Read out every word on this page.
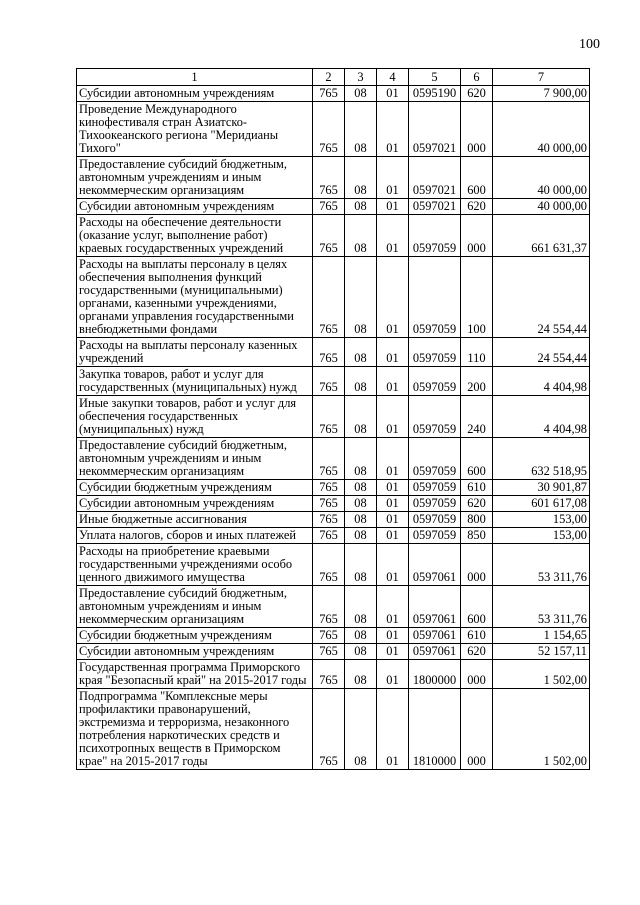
100
1	2	3	4	5	6	7
Субсидии автономным учреждениям	765	08	01	0595190	620	7 900,00
Проведение Международного кинофестиваля стран Азиатско-Тихоокеанского региона "Меридианы Тихого"	765	08	01	0597021	000	40 000,00
Предоставление субсидий бюджетным, автономным учреждениям и иным некоммерческим организациям	765	08	01	0597021	600	40 000,00
Субсидии автономным учреждениям	765	08	01	0597021	620	40 000,00
Расходы на обеспечение деятельности (оказание услуг, выполнение работ) краевых государственных учреждений	765	08	01	0597059	000	661 631,37
Расходы на выплаты персоналу в целях обеспечения выполнения функций государственными (муниципальными) органами, казенными учреждениями, органами управления государственными внебюджетными фондами	765	08	01	0597059	100	24 554,44
Расходы на выплаты персоналу казенных учреждений	765	08	01	0597059	110	24 554,44
Закупка товаров, работ и услуг для государственных (муниципальных) нужд	765	08	01	0597059	200	4 404,98
Иные закупки товаров, работ и услуг для обеспечения государственных (муниципальных) нужд	765	08	01	0597059	240	4 404,98
Предоставление субсидий бюджетным, автономным учреждениям и иным некоммерческим организациям	765	08	01	0597059	600	632 518,95
Субсидии бюджетным учреждениям	765	08	01	0597059	610	30 901,87
Субсидии автономным учреждениям	765	08	01	0597059	620	601 617,08
Иные бюджетные ассигнования	765	08	01	0597059	800	153,00
Уплата налогов, сборов и иных платежей	765	08	01	0597059	850	153,00
Расходы на приобретение краевыми государственными учреждениями особо ценного движимого имущества	765	08	01	0597061	000	53 311,76
Предоставление субсидий бюджетным, автономным учреждениям и иным некоммерческим организациям	765	08	01	0597061	600	53 311,76
Субсидии бюджетным учреждениям	765	08	01	0597061	610	1 154,65
Субсидии автономным учреждениям	765	08	01	0597061	620	52 157,11
Государственная программа Приморского края "Безопасный край" на 2015-2017 годы	765	08	01	1800000	000	1 502,00
Подпрограмма "Комплексные меры профилактики правонарушений, экстремизма и терроризма, незаконного потребления наркотических средств и психотропных веществ в Приморском крае" на 2015-2017 годы	765	08	01	1810000	000	1 502,00
